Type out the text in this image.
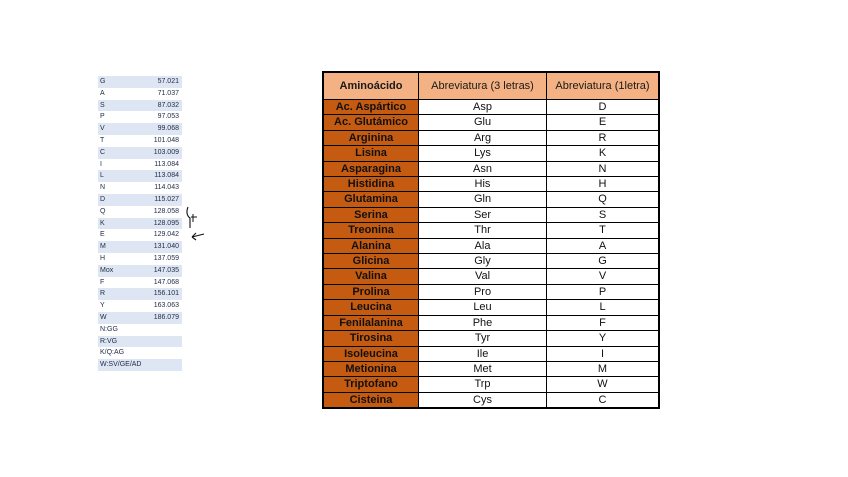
G	57.021
A	71.037
S	87.032
P	97.053
V	99.068
T	101.048
C	103.009
I	113.084
L	113.084
N	114.043
D	115.027
Q	128.058
K	128.095
E	129.042
M	131.040
H	137.059
Mox	147.035
F	147.068
R	156.101
Y	163.063
W	186.079
N:GG	
R:VG	
K/Q:AG	
W:SV/GE/AD	
Aminoácido	Abreviatura (3 letras)	Abreviatura (1letra)
Ac. Aspártico	Asp	D
Ac. Glutámico	Glu	E
Arginina	Arg	R
Lisina	Lys	K
Asparagina	Asn	N
Histidina	His	H
Glutamina	Gln	Q
Serina	Ser	S
Treonina	Thr	T
Alanina	Ala	A
Glicina	Gly	G
Valina	Val	V
Prolina	Pro	P
Leucina	Leu	L
Fenilalanina	Phe	F
Tirosina	Tyr	Y
Isoleucina	Ile	I
Metionina	Met	M
Triptofano	Trp	W
Cisteina	Cys	C
